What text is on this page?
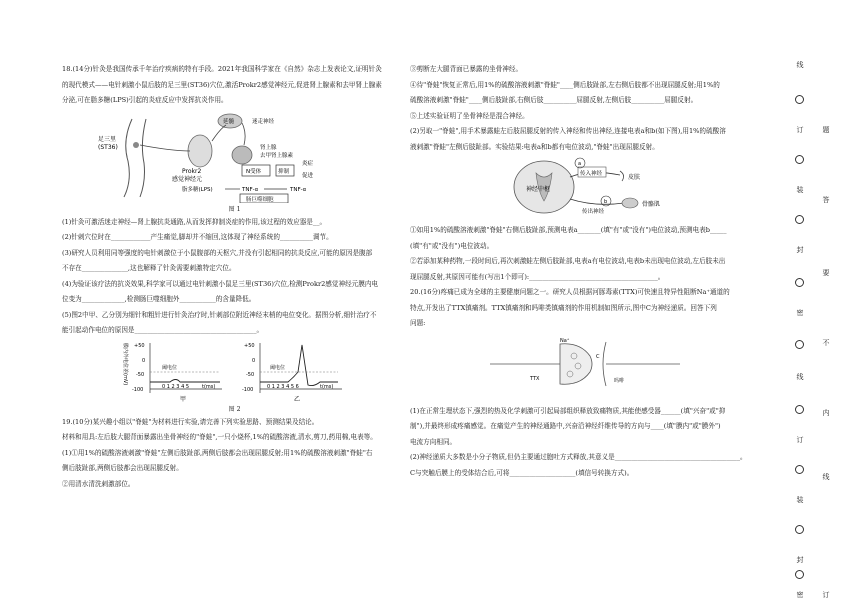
18.(14分)针灸是我国传承千年治疗疾病的特有手段。2021年我国科学家在《自然》杂志上发表论文,证明针灸

的现代模式——电针刺激小鼠后肢的足三里(ST36)穴位,激活Prokr2感觉神经元,促进肾上腺素和去甲肾上腺素

分泌,可在脂多糖(LPS)引起的炎症反应中发挥抗炎作用。

足三里
(ST36)
Prokr2
感觉神经元
延髓	迷走神经
肾上腺
去甲肾上腺素
N受体	抑制
炎症
促进
脂多糖(LPS)	TNF-α	TNF-α
肠巨噬细胞
图 1

(1)针灸可激活迷走神经—肾上腺抗炎通路,从而发挥抑制炎症的作用,该过程的效应器是__。

(2)针刺穴位时在____________产生痛觉,脚却并不缩回,这体现了神经系统的__________调节。

(3)研究人员利用同等强度的电针刺激位于小鼠腹部的天枢穴,并没有引起相同的抗炎反应,可能的原因是腹部

不存在______________,这也解释了针灸需要刺激特定穴位。

(4)为验证该疗法的抗炎效果,科学家可以通过电针刺激小鼠足三里(ST36)穴位,检测Prokr2感觉神经元膜内电

位变为_____________,检测肠巨噬细胞外___________的含量降低。

(5)图2中甲、乙分别为细针和粗针进行针灸治疗时,针刺部位附近神经末梢的电位变化。据图分析,细针治疗不

能引起动作电位的原因是_____________________________________。

膜内外电位差(mV) +50
0
-50
-100
阈电位
0 1 2 3 4 5	t(ms)
甲
+50
0
-50
-100
阈电位
0 1 2 3 4 5 6	t(ms)
乙
图 2

19.(10分)某兴趣小组以"脊蛙"为材料进行实验,请完善下列实验思路、预测结果及结论。

材料和用具:左后肢大腿背面暴露出坐骨神经的"脊蛙",一只小烧杯,1%的硫酸溶液,清水,剪刀,药用棉,电表等。

(1)①用1%的硫酸溶液刺激"脊蛙"左侧后肢趾部,两侧后肢都会出现屈腿反射;用1%的硫酸溶液刺激"脊蛙"右

侧后肢趾部,两侧后肢都会出现屈腿反射。

②用清水清洗刺激部位。

③剪断左大腿背面已暴露的坐骨神经。

④待"脊蛙"恢复正常后,用1%的硫酸溶液刺激"脊蛙"____侧后肢趾部,左右侧后肢都不出现屈腿反射;用1%的

硫酸溶液刺激"脊蛙"____侧后肢趾部,右侧后肢__________屈腿反射,左侧后肢__________屈腿反射。

⑤上述实验证明了坐骨神经是混合神经。

(2)另取一"脊蛙",用手术暴露蛙左后肢屈腿反射的传入神经和传出神经,连接电表a和b(如下图),用1%的硫酸溶

液刺激"脊蛙"左侧后肢趾部。实验结果:电表a和b都有电位波动,"脊蛙"出现屈腿反射。

神经中枢
传入神经
传出神经
a
b
皮肤
骨骼肌

①如用1%的硫酸溶液刺激"脊蛙"右侧后肢趾部,预测电表a_______(填"有"或"没有")电位波动,预测电表b_____

(填"有"或"没有")电位波动。

②若添加某种药物,一段时间后,再次刺激蛙左侧后肢趾部,电表a有电位波动,电表b未出现电位波动,左后肢未出

现屈腿反射,其原因可能有(写出1个即可):_______________________________________。

20.(16分)疼痛已成为全球的主要健康问题之一。研究人员根据河豚毒素(TTX)可快速且特异性阻断Na⁺通道的

特点,开发出了TTX镇痛剂。TTX镇痛剂和吗啡类镇痛剂的作用机制如图所示,图中C为神经递质。回答下列

问题:

Na⁺
TTX
C
吗啡

(1)在正常生理状态下,强烈的热及化学刺激可引起局部组织释放致痛物质,其能使感受器______(填"兴奋"或"抑

制"),并最终形成疼痛感觉。在痛觉产生的神经通路中,兴奋沿神经纤维传导的方向与____(填"膜内"或"膜外")

电流方向相同。

(2)神经递质大多数是小分子物质,但仍主要通过胞吐方式释放,其意义是______________________________________。

C与突触后膜上的受体结合后,可将____________________(填信号转换方式)。

线
订	题
装
答
封
要
密
不
线
内
订
线
装
封
密	订
